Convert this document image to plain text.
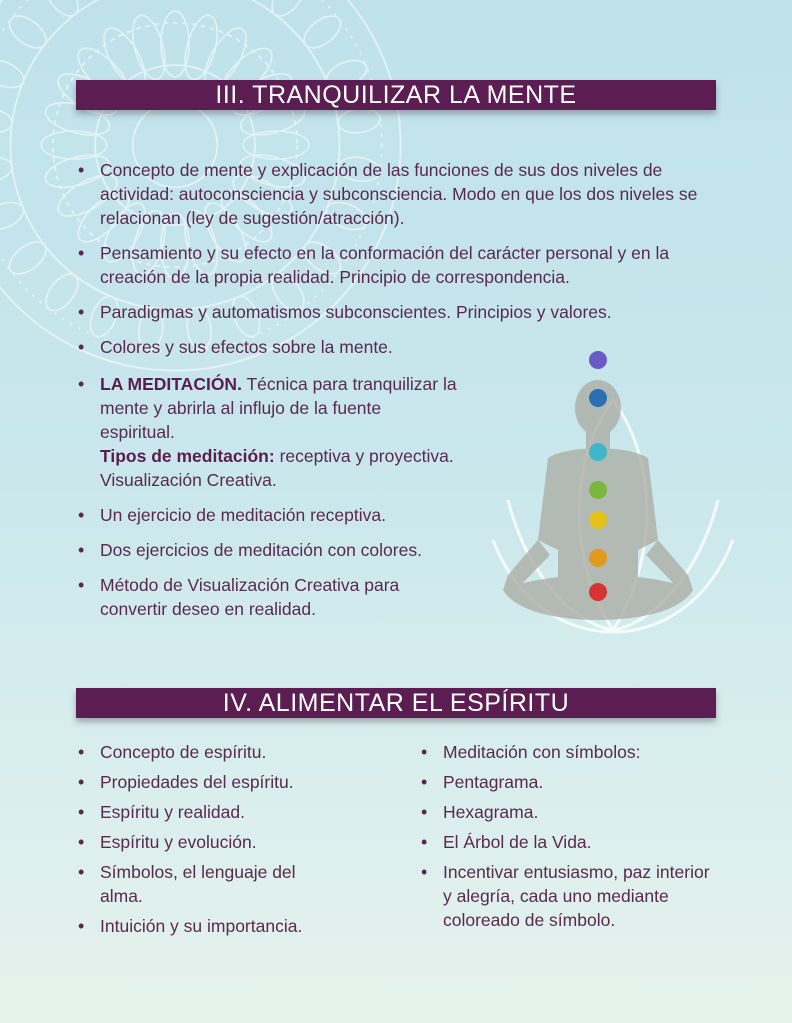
III. TRANQUILIZAR LA MENTE
• Concepto de mente y explicación de las funciones de sus dos niveles de actividad: autoconsciencia y subconsciencia. Modo en que los dos niveles se relacionan (ley de sugestión/atracción).
• Pensamiento y su efecto en la conformación del carácter personal y en la creación de la propia realidad. Principio de correspondencia.
• Paradigmas y automatismos subconscientes. Principios y valores.
• Colores y sus efectos sobre la mente.
• LA MEDITACIÓN. Técnica para tranquilizar la mente y abrirla al influjo de la fuente espiritual.
Tipos de meditación: receptiva y proyectiva. Visualización Creativa.
• Un ejercicio de meditación receptiva.
• Dos ejercicios de meditación con colores.
• Método de Visualización Creativa para convertir deseo en realidad.
IV. ALIMENTAR EL ESPÍRITU
• Concepto de espíritu.
• Propiedades del espíritu.
• Espíritu y realidad.
• Espíritu y evolución.
• Símbolos, el lenguaje del alma.
• Intuición y su importancia.
• Meditación con símbolos:
• Pentagrama.
• Hexagrama.
• El Árbol de la Vida.
• Incentivar entusiasmo, paz interior y alegría, cada uno mediante coloreado de símbolo.
